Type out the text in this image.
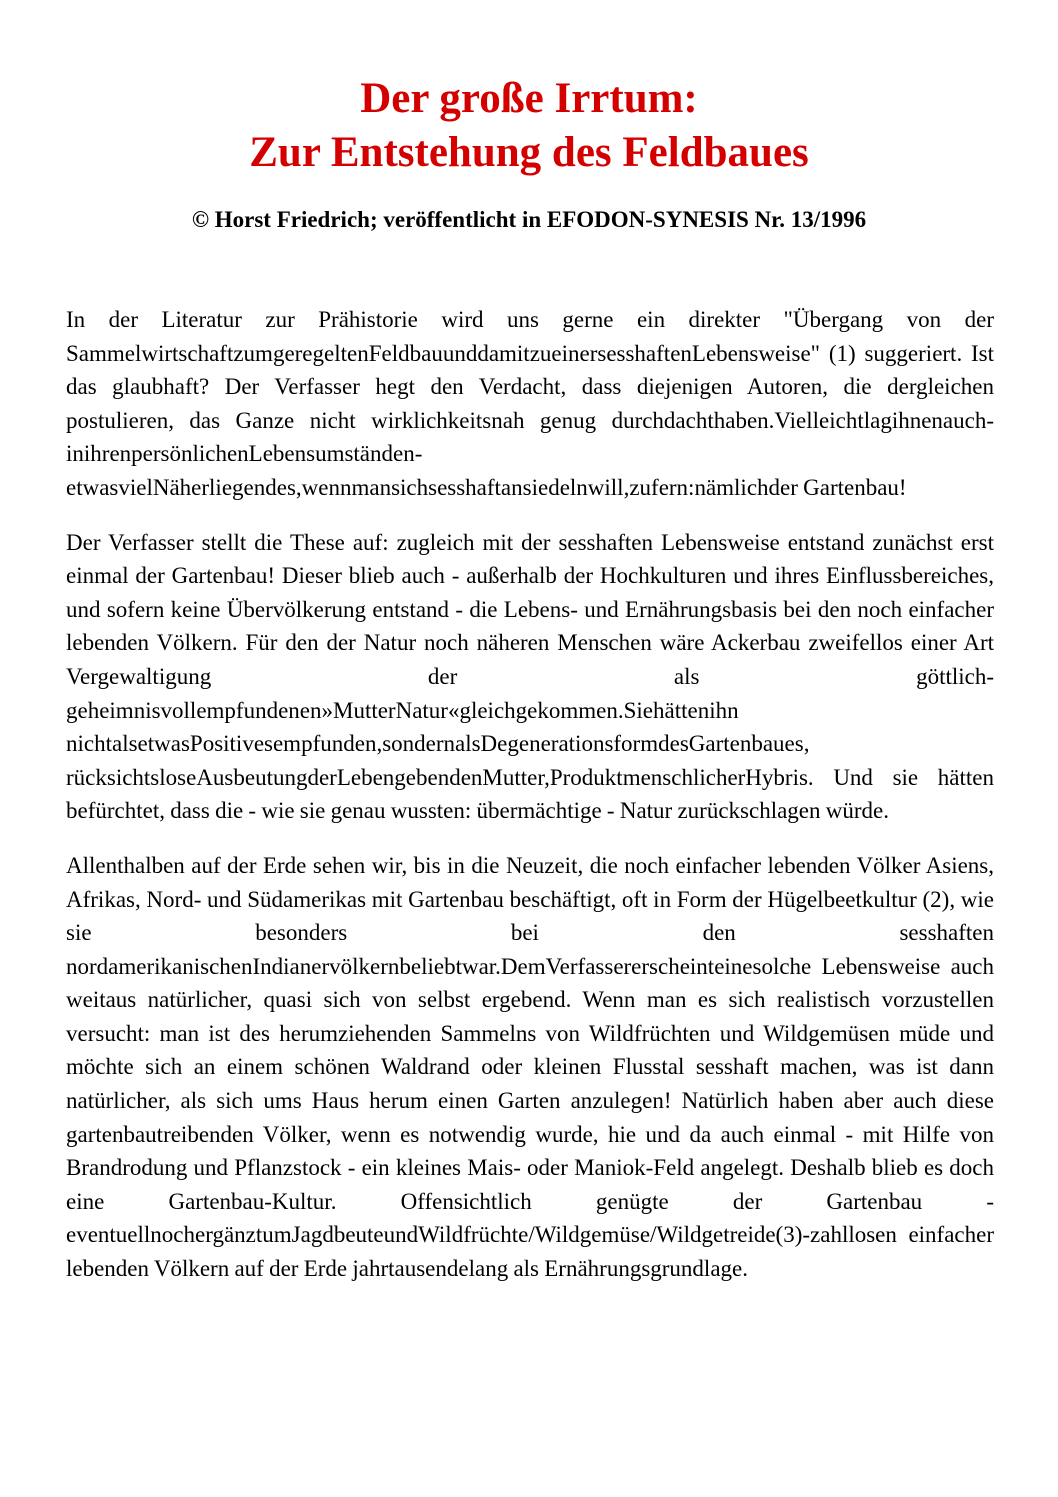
Der große Irrtum:
Zur Entstehung des Feldbaues
© Horst Friedrich; veröffentlicht in EFODON-SYNESIS Nr. 13/1996

In der Literatur zur Prähistorie wird uns gerne ein direkter "Übergang von der SammelwirtschaftzumgeregeltenFeldbauunddamitzueinersesshaftenLebensweise" (1) suggeriert. Ist das glaubhaft? Der Verfasser hegt den Verdacht, dass diejenigen Autoren, die dergleichen postulieren, das Ganze nicht wirklichkeitsnah genug durchdachthaben.Vielleichtlagihnenauch-inihrenpersönlichenLebensumständen-etwasvielNäherliegendes,wennmansichsesshaftansiedelnwill,zufern:nämlichder Gartenbau!

Der Verfasser stellt die These auf: zugleich mit der sesshaften Lebensweise entstand zunächst erst einmal der Gartenbau! Dieser blieb auch - außerhalb der Hochkulturen und ihres Einflussbereiches, und sofern keine Übervölkerung entstand - die Lebens- und Ernährungsbasis bei den noch einfacher lebenden Völkern. Für den der Natur noch näheren Menschen wäre Ackerbau zweifellos einer Art Vergewaltigung der als göttlich-geheimnisvollempfundenen»MutterNatur«gleichgekommen.Siehättenihn nichtalsetwasPositivesempfunden,sondernalsDegenerationsformdesGartenbaues, rücksichtsloseAusbeutungderLebengebendenMutter,ProduktmenschlicherHybris. Und sie hätten befürchtet, dass die - wie sie genau wussten: übermächtige - Natur zurückschlagen würde.

Allenthalben auf der Erde sehen wir, bis in die Neuzeit, die noch einfacher lebenden Völker Asiens, Afrikas, Nord- und Südamerikas mit Gartenbau beschäftigt, oft in Form der Hügelbeetkultur (2), wie sie besonders bei den sesshaften nordamerikanischenIndianervölkernbeliebtwar.DemVerfassererscheinteinesolche Lebensweise auch weitaus natürlicher, quasi sich von selbst ergebend. Wenn man es sich realistisch vorzustellen versucht: man ist des herumziehenden Sammelns von Wildfrüchten und Wildgemüsen müde und möchte sich an einem schönen Waldrand oder kleinen Flusstal sesshaft machen, was ist dann natürlicher, als sich ums Haus herum einen Garten anzulegen! Natürlich haben aber auch diese gartenbautreibenden Völker, wenn es notwendig wurde, hie und da auch einmal - mit Hilfe von Brandrodung und Pflanzstock - ein kleines Mais- oder Maniok-Feld angelegt. Deshalb blieb es doch eine Gartenbau-Kultur. Offensichtlich genügte der Gartenbau - eventuellnochergänztumJagdbeuteundWildfrüchte/Wildgemüse/Wildgetreide(3)-zahllosen einfacher lebenden Völkern auf der Erde jahrtausendelang als Ernährungsgrundlage.
